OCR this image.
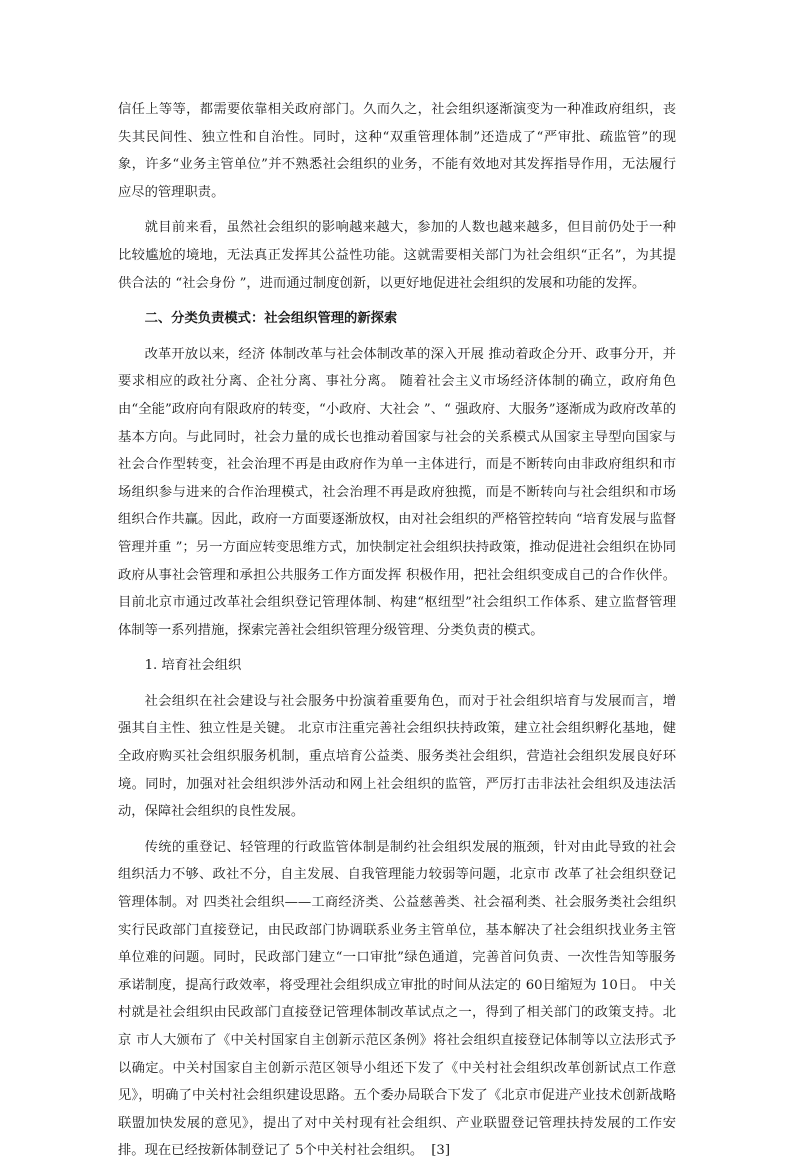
信任上等等，都需要依靠相关政府部门。久而久之，社会组织逐渐演变为一种准政府组织，丧失其民间性、独立性和自治性。同时，这种“双重管理体制”还造成了“严审批、疏监管”的现象，许多“业务主管单位”并不熟悉社会组织的业务，不能有效地对其发挥指导作用，无法履行应尽的管理职责。

就目前来看，虽然社会组织的影响越来越大，参加的人数也越来越多，但目前仍处于一种比较尴尬的境地，无法真正发挥其公益性功能。这就需要相关部门为社会组织“正名”，为其提供合法的 “社会身份 ”，进而通过制度创新，以更好地促进社会组织的发展和功能的发挥。

二、分类负责模式：社会组织管理的新探索

改革开放以来，经济 体制改革与社会体制改革的深入开展 推动着政企分开、政事分开，并要求相应的政社分离、企社分离、事社分离。 随着社会主义市场经济体制的确立，政府角色由“全能”政府向有限政府的转变，“小政府、大社会 ”、“ 强政府、大服务”逐渐成为政府改革的基本方向。与此同时，社会力量的成长也推动着国家与社会的关系模式从国家主导型向国家与社会合作型转变，社会治理不再是由政府作为单一主体进行，而是不断转向由非政府组织和市场组织参与进来的合作治理模式，社会治理不再是政府独揽，而是不断转向与社会组织和市场组织合作共赢。因此，政府一方面要逐渐放权，由对社会组织的严格管控转向 “培育发展与监督管理并重 ”；另一方面应转变思维方式，加快制定社会组织扶持政策，推动促进社会组织在协同政府从事社会管理和承担公共服务工作方面发挥 积极作用，把社会组织变成自己的合作伙伴。目前北京市通过改革社会组织登记管理体制、构建“枢纽型”社会组织工作体系、建立监督管理体制等一系列措施，探索完善社会组织管理分级管理、分类负责的模式。

1. 培育社会组织

社会组织在社会建设与社会服务中扮演着重要角色，而对于社会组织培育与发展而言，增强其自主性、独立性是关键。 北京市注重完善社会组织扶持政策，建立社会组织孵化基地，健全政府购买社会组织服务机制，重点培育公益类、服务类社会组织，营造社会组织发展良好环境。同时，加强对社会组织涉外活动和网上社会组织的监管，严厉打击非法社会组织及违法活动，保障社会组织的良性发展。

传统的重登记、轻管理的行政监管体制是制约社会组织发展的瓶颈，针对由此导致的社会组织活力不够、政社不分，自主发展、自我管理能力较弱等问题，北京市 改革了社会组织登记管理体制。对 四类社会组织——工商经济类、公益慈善类、社会福利类、社会服务类社会组织实行民政部门直接登记，由民政部门协调联系业务主管单位，基本解决了社会组织找业务主管单位难的问题。同时，民政部门建立“一口审批”绿色通道，完善首问负责、一次性告知等服务承诺制度，提高行政效率，将受理社会组织成立审批的时间从法定的 60日缩短为 10日。 中关村就是社会组织由民政部门直接登记管理体制改革试点之一，得到了相关部门的政策支持。北京 市人大颁布了《中关村国家自主创新示范区条例》将社会组织直接登记体制等以立法形式予以确定。中关村国家自主创新示范区领导小组还下发了《中关村社会组织改革创新试点工作意见》，明确了中关村社会组织建设思路。五个委办局联合下发了《北京市促进产业技术创新战略联盟加快发展的意见》，提出了对中关村现有社会组织、产业联盟登记管理扶持发展的工作安排。现在已经按新体制登记了 5个中关村社会组织。 [3]
